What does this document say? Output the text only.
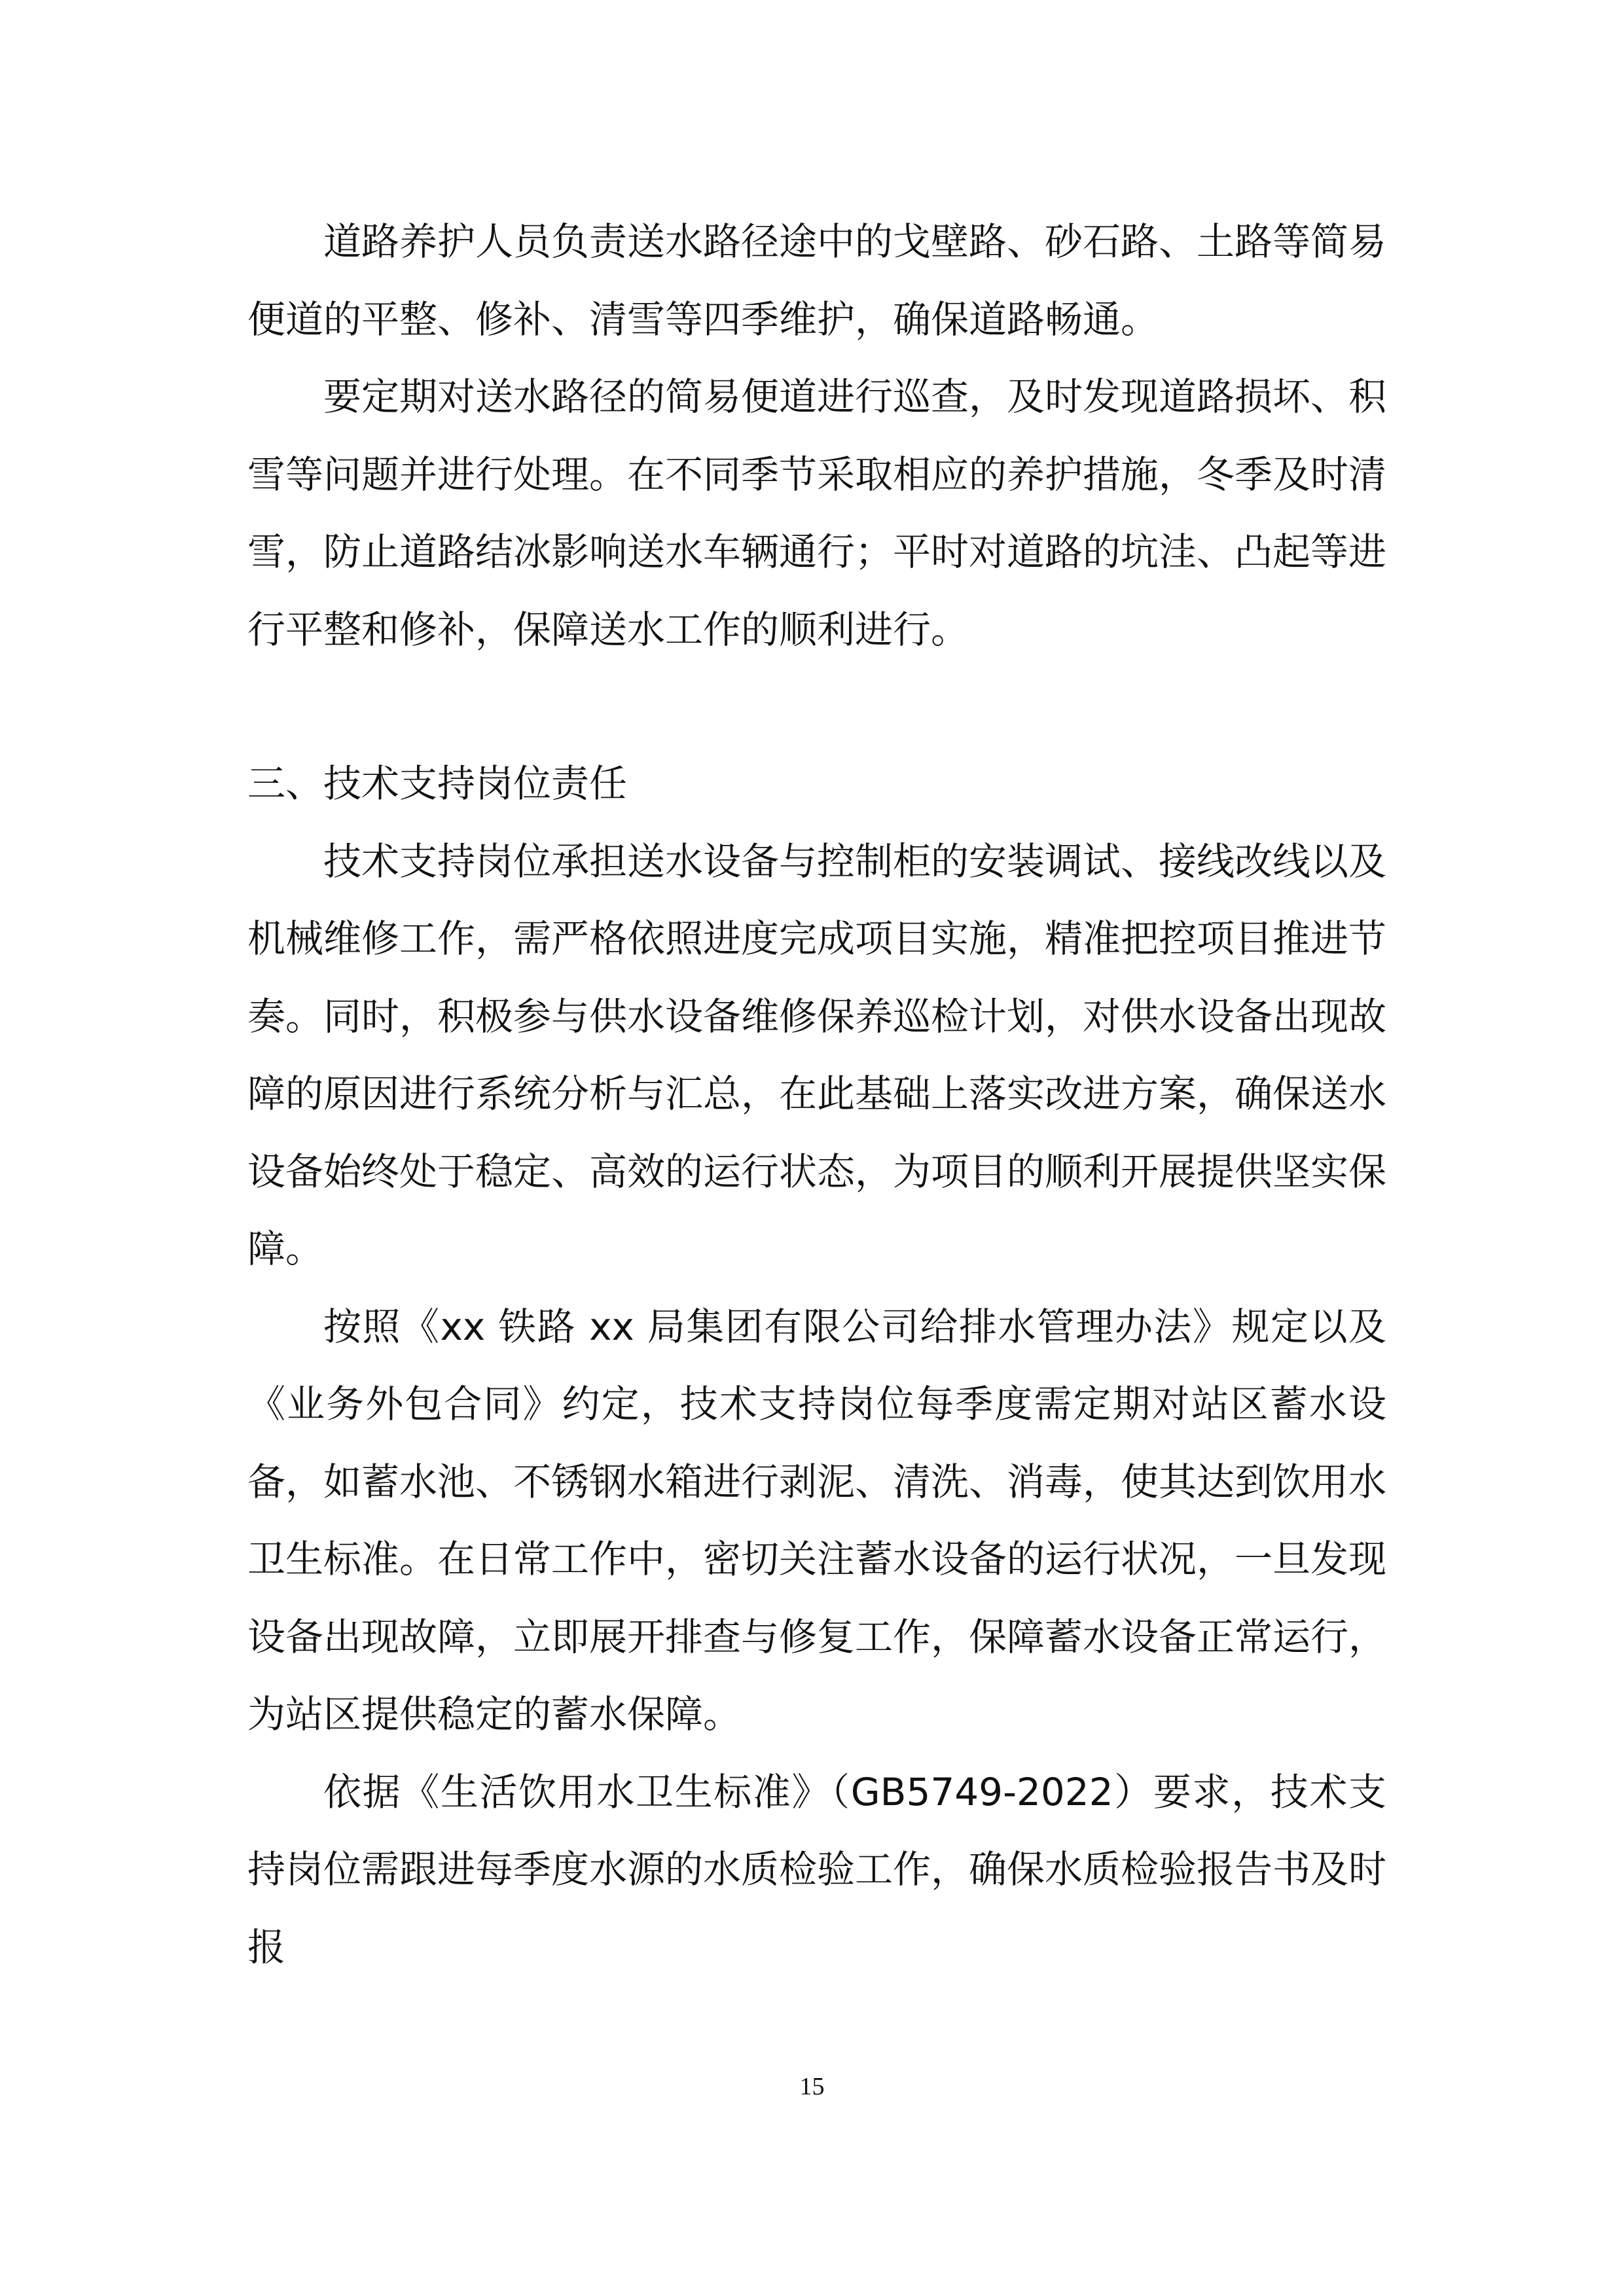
道路养护人员负责送水路径途中的戈壁路、砂石路、土路等简易便道的平整、修补、清雪等四季维护，确保道路畅通。

要定期对送水路径的简易便道进行巡查，及时发现道路损坏、积雪等问题并进行处理。在不同季节采取相应的养护措施，冬季及时清雪，防止道路结冰影响送水车辆通行；平时对道路的坑洼、凸起等进行平整和修补，保障送水工作的顺利进行。

三、技术支持岗位责任

技术支持岗位承担送水设备与控制柜的安装调试、接线改线以及机械维修工作，需严格依照进度完成项目实施，精准把控项目推进节奏。同时，积极参与供水设备维修保养巡检计划，对供水设备出现故障的原因进行系统分析与汇总，在此基础上落实改进方案，确保送水设备始终处于稳定、高效的运行状态，为项目的顺利开展提供坚实保障。

按照《xx 铁路 xx 局集团有限公司给排水管理办法》规定以及《业务外包合同》约定，技术支持岗位每季度需定期对站区蓄水设备，如蓄水池、不锈钢水箱进行剥泥、清洗、消毒，使其达到饮用水卫生标准。在日常工作中，密切关注蓄水设备的运行状况，一旦发现设备出现故障，立即展开排查与修复工作，保障蓄水设备正常运行，为站区提供稳定的蓄水保障。

依据《生活饮用水卫生标准》（GB5749-2022）要求，技术支持岗位需跟进每季度水源的水质检验工作，确保水质检验报告书及时报

15
